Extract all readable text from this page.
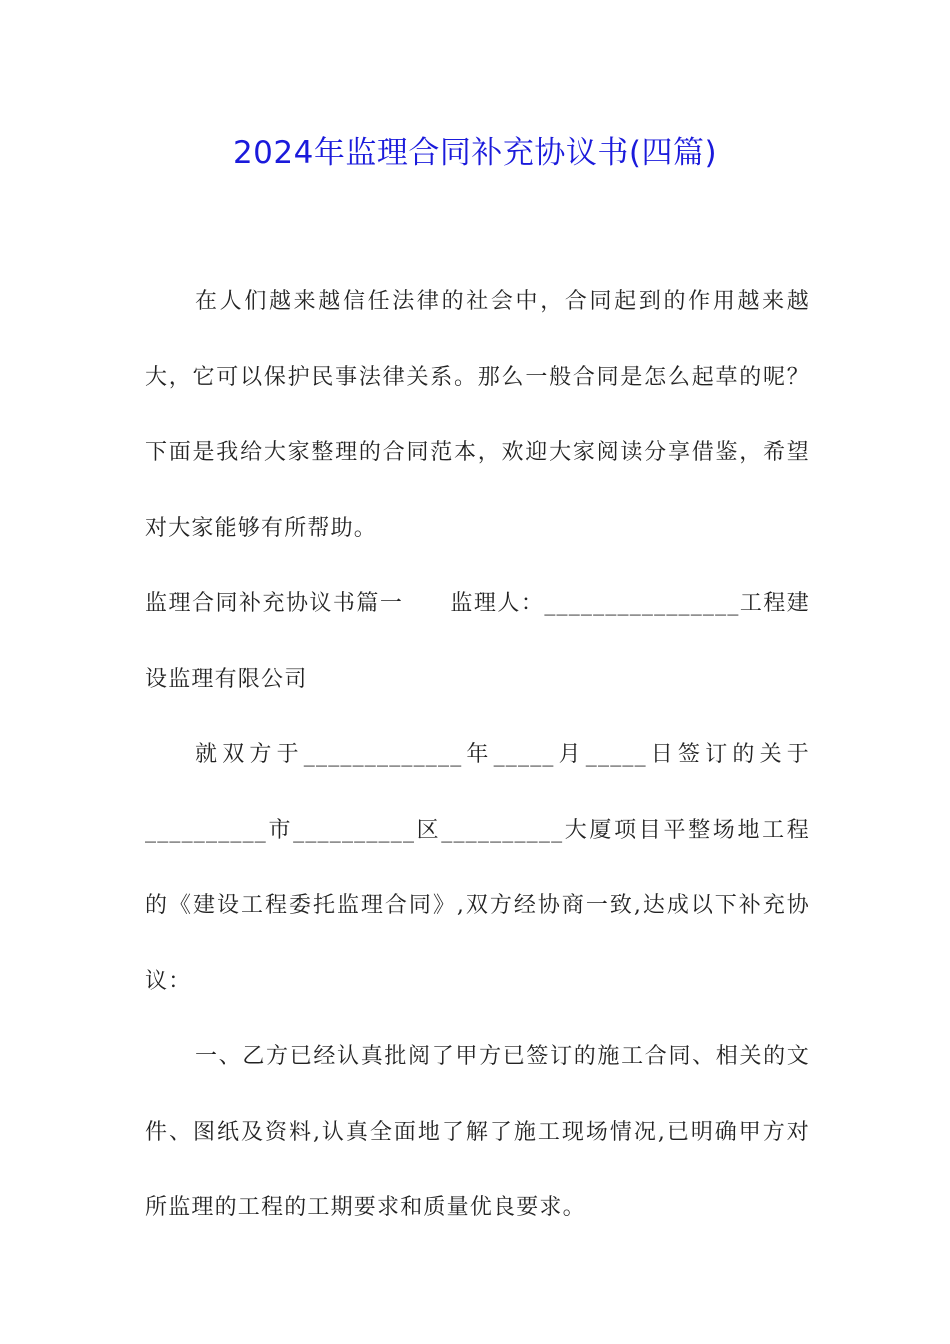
2024年监理合同补充协议书(四篇)

在人们越来越信任法律的社会中，合同起到的作用越来越大，它可以保护民事法律关系。那么一般合同是怎么起草的呢？下面是我给大家整理的合同范本，欢迎大家阅读分享借鉴，希望对大家能够有所帮助。

监理合同补充协议书篇一　　监理人：________________工程建设监理有限公司

就双方于_____________年_____月_____日签订的关于__________市__________区__________大厦项目平整场地工程的《建设工程委托监理合同》,双方经协商一致,达成以下补充协议：

一、乙方已经认真批阅了甲方已签订的施工合同、相关的文件、图纸及资料,认真全面地了解了施工现场情况,已明确甲方对所监理的工程的工期要求和质量优良要求。
